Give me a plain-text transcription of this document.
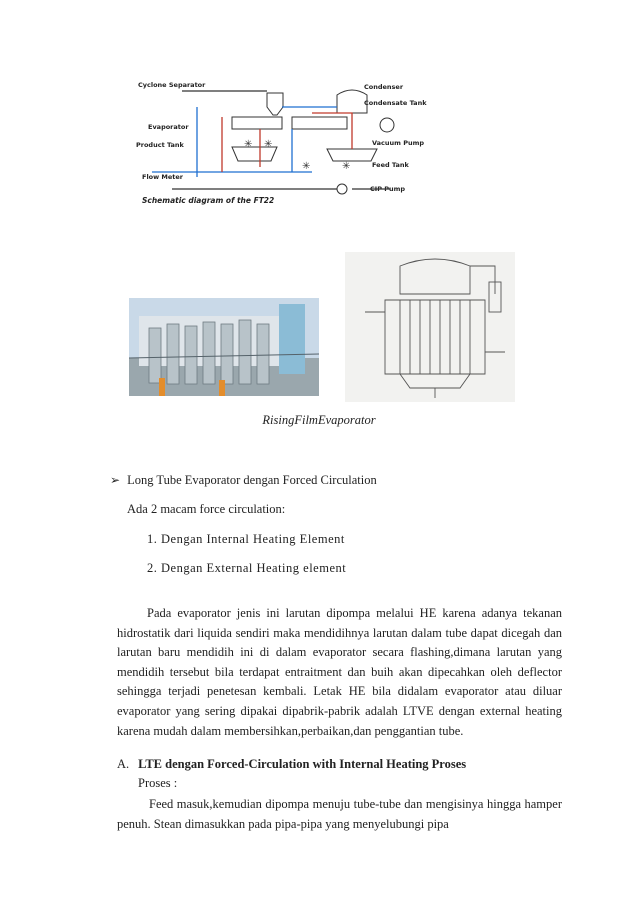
Cyclone Separator	Condenser
Condensate Tank
Evaporator
Product Tank	Vacuum Pump
Feed Tank
Flow Meter
CIP Pump
✳ ✳
✳	✳
Schematic diagram of the FT22
RisingFilmEvaporator
➢ Long Tube Evaporator dengan Forced Circulation
Ada 2 macam force circulation:
1. Dengan Internal Heating Element
2. Dengan External Heating element
Pada evaporator jenis ini larutan dipompa melalui HE karena adanya tekanan hidrostatik dari liquida sendiri maka mendidihnya larutan dalam tube dapat dicegah dan larutan baru mendidih ini di dalam evaporator secara flashing,dimana larutan yang mendidih tersebut bila terdapat entraitment dan buih akan dipecahkan oleh deflector sehingga terjadi penetesan kembali. Letak HE bila didalam evaporator atau diluar evaporator yang sering dipakai dipabrik-pabrik adalah LTVE dengan external heating karena mudah dalam membersihkan,perbaikan,dan penggantian tube.
A. LTE dengan Forced-Circulation with Internal Heating Proses
Proses :
Feed masuk,kemudian dipompa menuju tube-tube dan mengisinya hingga hamper penuh. Stean dimasukkan pada pipa-pipa yang menyelubungi pipa
